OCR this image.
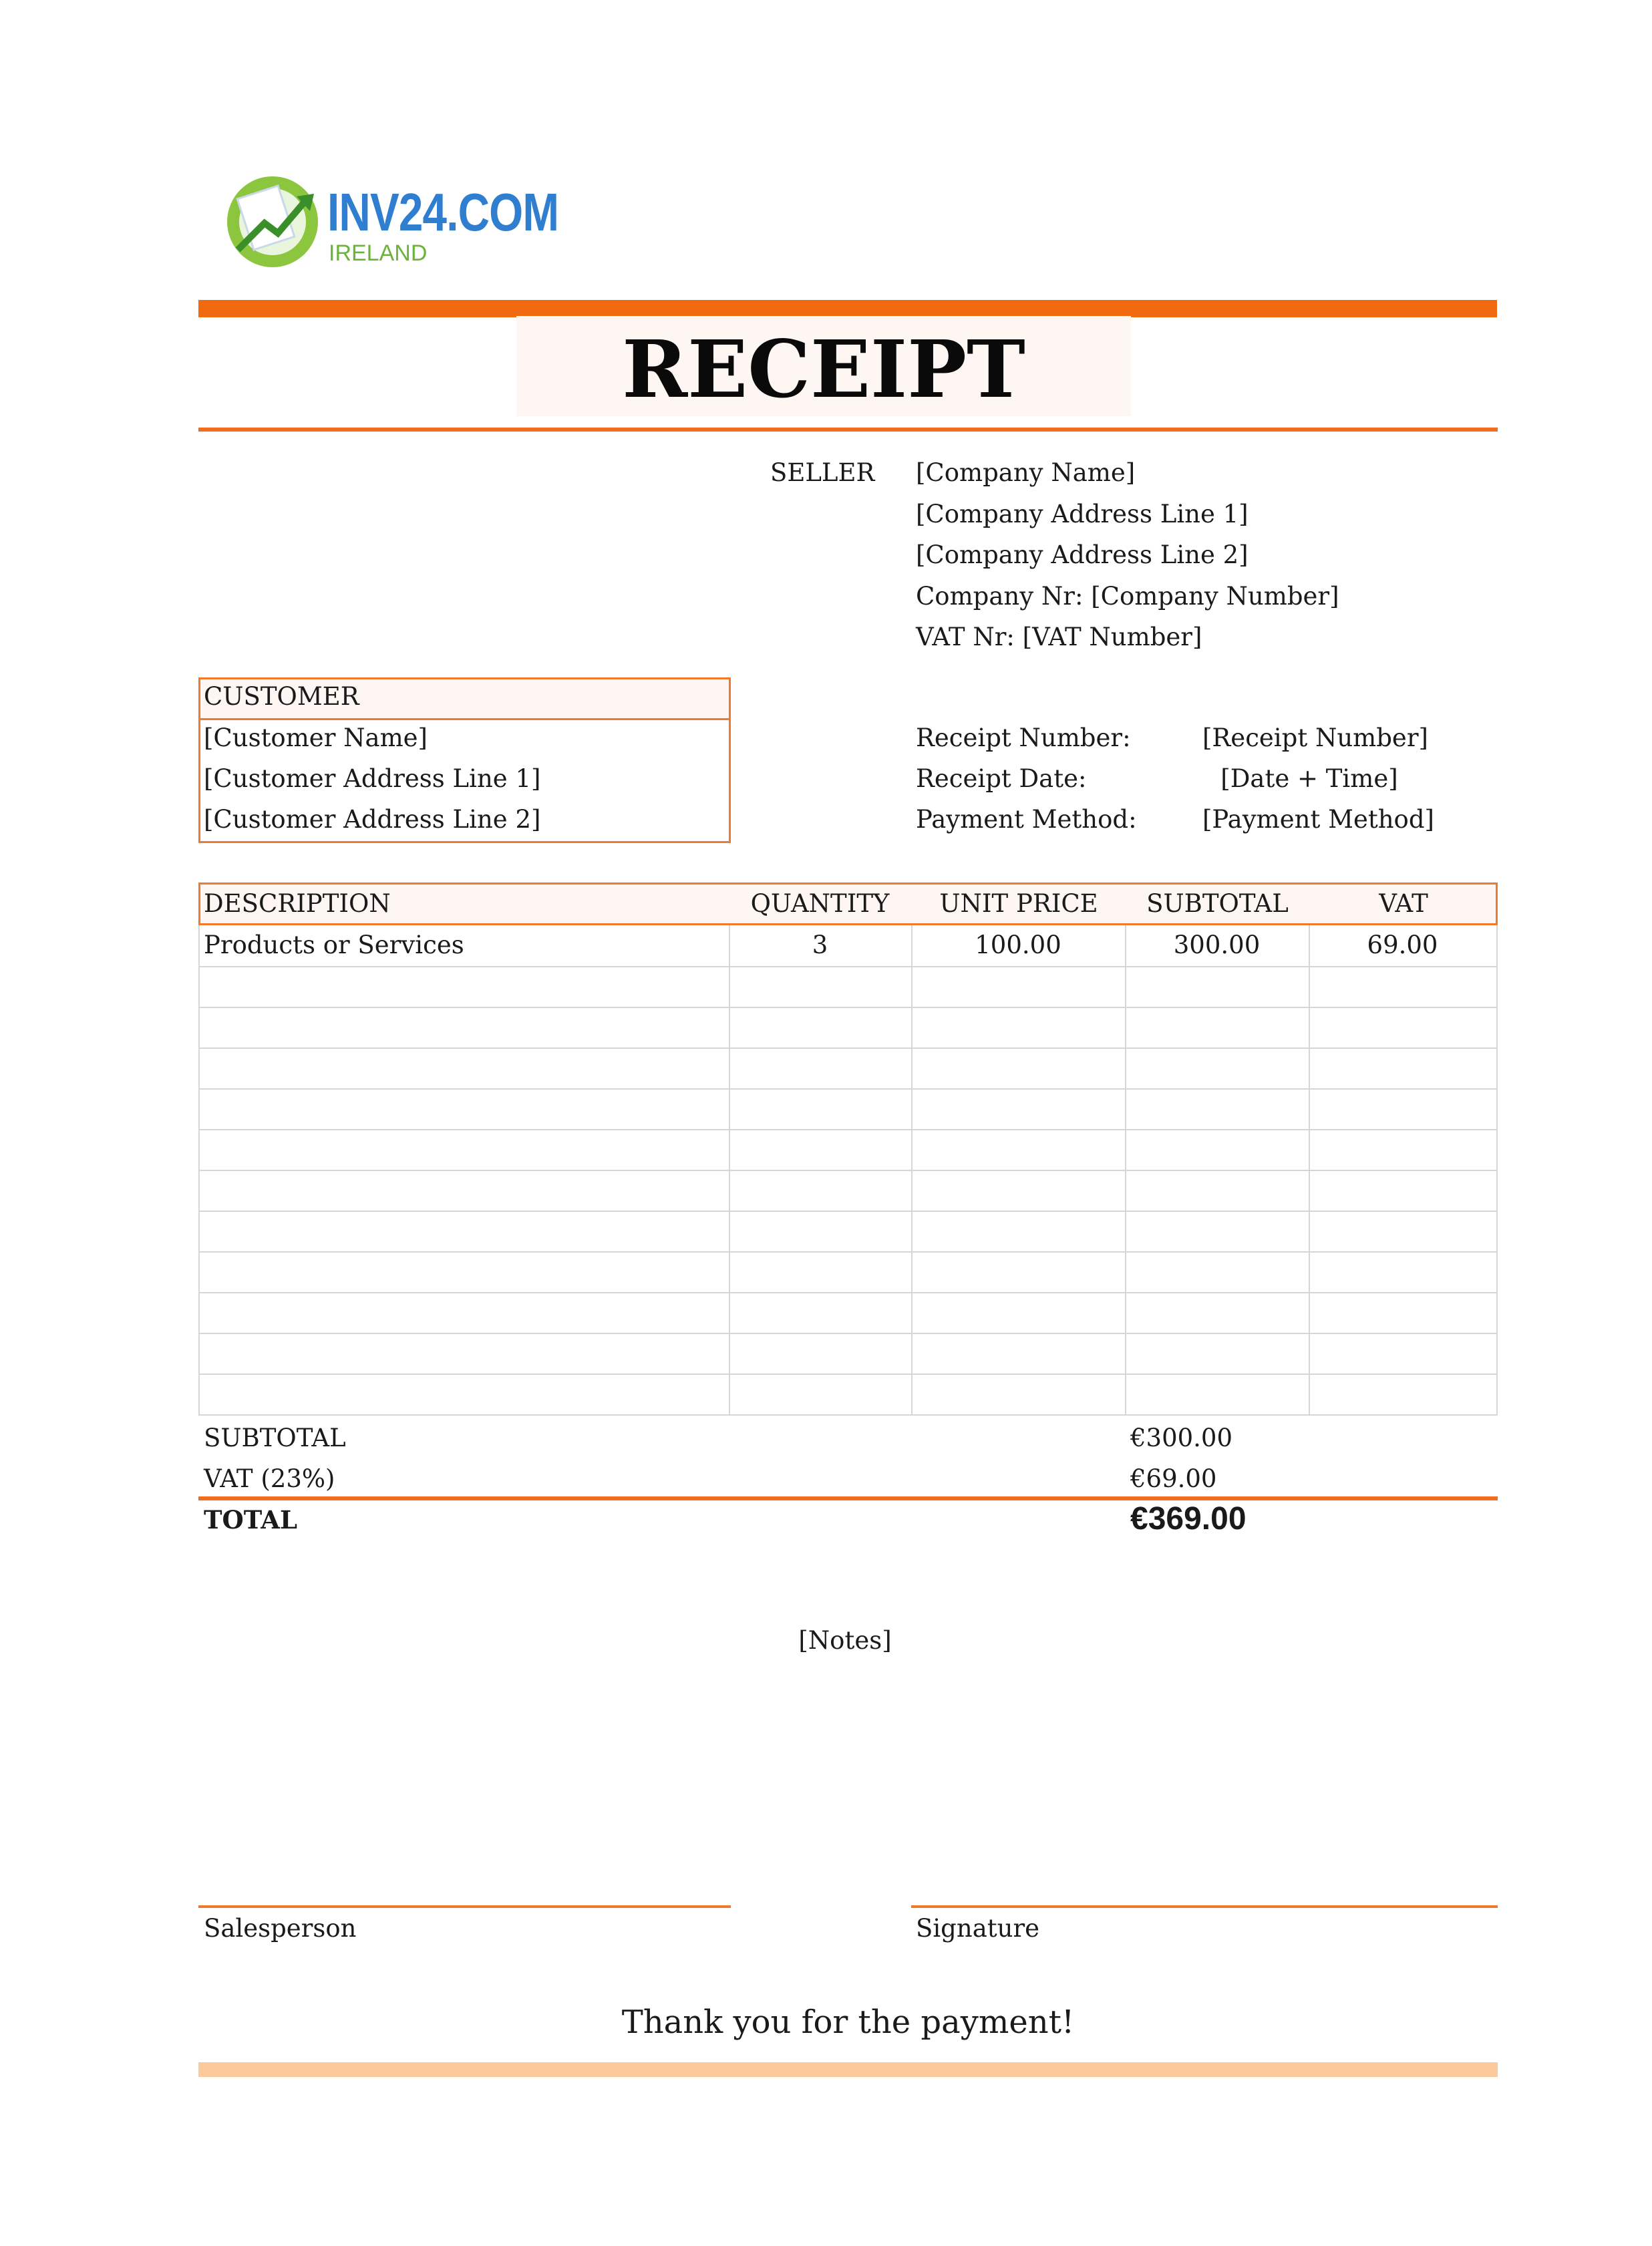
INV24.COM
IRELAND
RECEIPT
SELLER [Company Name]
[Company Address Line 1]
[Company Address Line 2]
Company Nr: [Company Number]
VAT Nr: [VAT Number]
CUSTOMER
[Customer Name]
[Customer Address Line 1]
[Customer Address Line 2]
Receipt Number:	[Receipt Number]
Receipt Date:	[Date + Time]
Payment Method:	[Payment Method]
DESCRIPTION	QUANTITY	UNIT PRICE	SUBTOTAL	VAT
Products or Services	3	100.00	300.00	69.00
SUBTOTAL	€300.00
VAT (23%)	€69.00
TOTAL	€369.00
[Notes]
Salesperson	Signature
Thank you for the payment!
